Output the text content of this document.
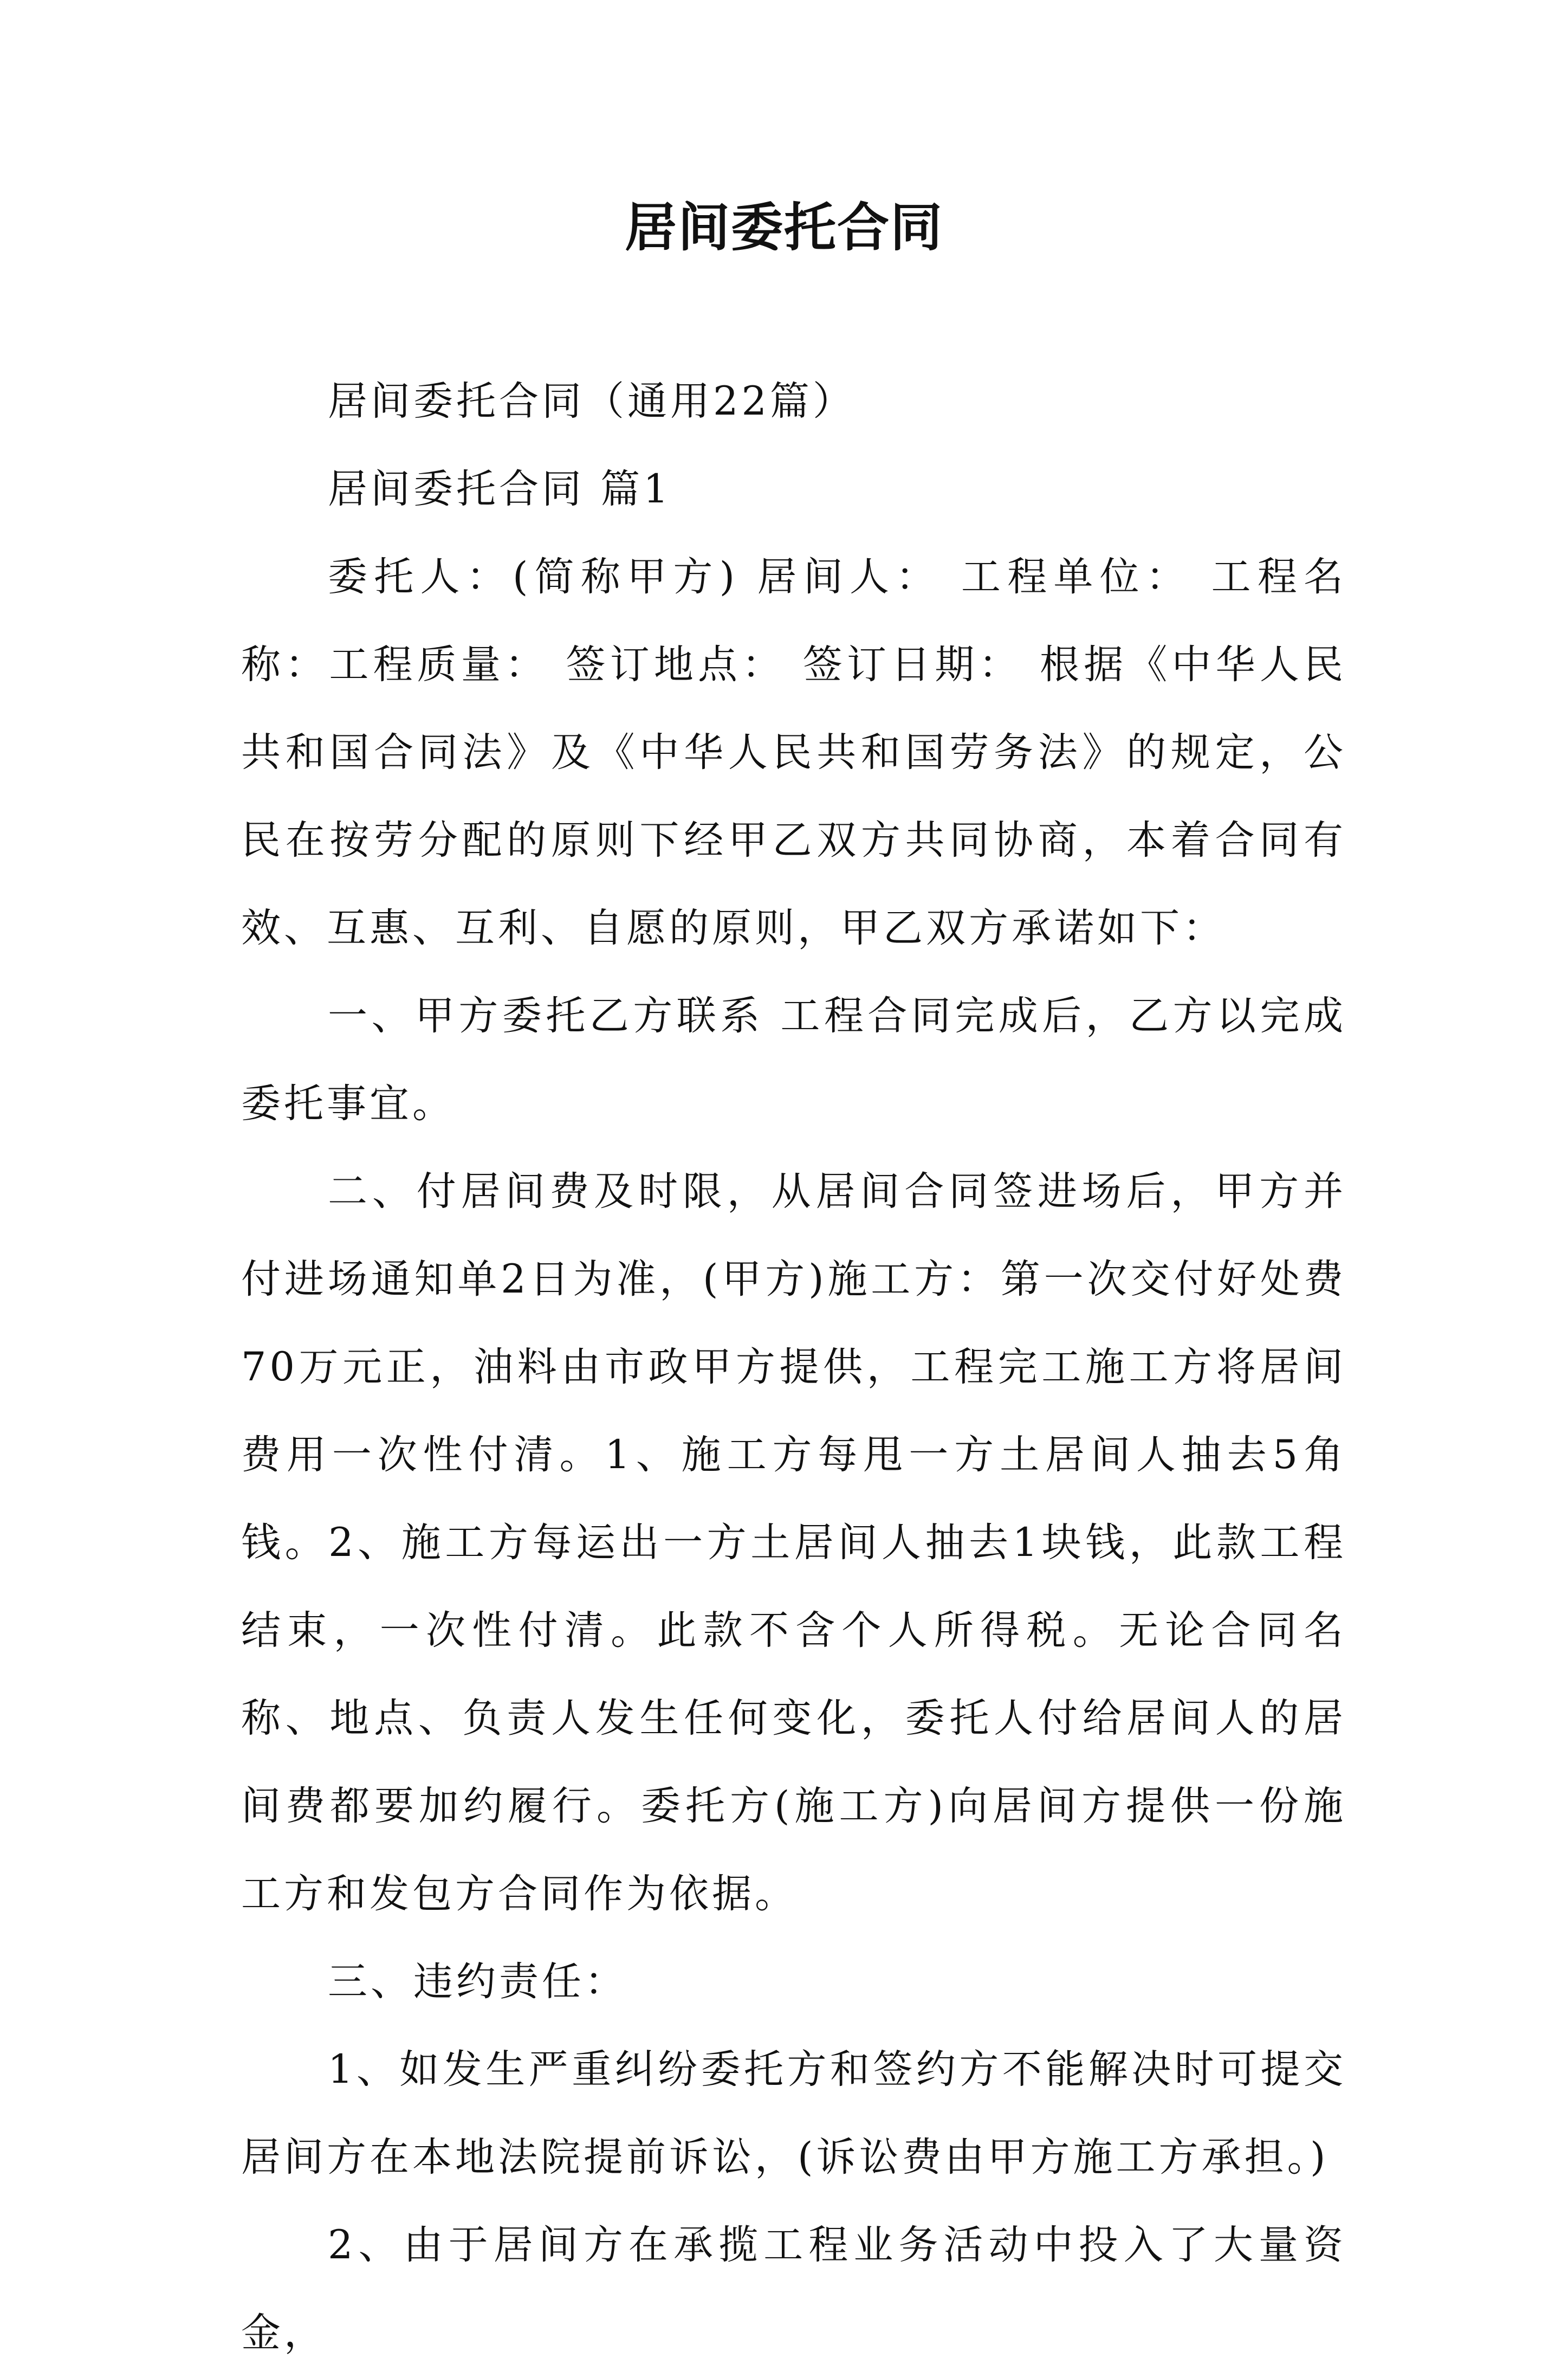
居间委托合同

居间委托合同（通用22篇）

居间委托合同 篇1

委托人：(简称甲方) 居间人： 工程单位： 工程名称：工程质量： 签订地点： 签订日期： 根据《中华人民共和国合同法》及《中华人民共和国劳务法》的规定，公民在按劳分配的原则下经甲乙双方共同协商，本着合同有效、互惠、互利、自愿的原则，甲乙双方承诺如下：

一、甲方委托乙方联系 工程合同完成后，乙方以完成委托事宜。

二、付居间费及时限，从居间合同签进场后，甲方并付进场通知单2日为准，(甲方)施工方：第一次交付好处费70万元正，油料由市政甲方提供，工程完工施工方将居间费用一次性付清。1、施工方每甩一方土居间人抽去5角钱。2、施工方每运出一方土居间人抽去1块钱，此款工程结束，一次性付清。此款不含个人所得税。无论合同名称、地点、负责人发生任何变化，委托人付给居间人的居间费都要加约履行。委托方(施工方)向居间方提供一份施工方和发包方合同作为依据。

三、违约责任：

1、如发生严重纠纷委托方和签约方不能解决时可提交居间方在本地法院提前诉讼，(诉讼费由甲方施工方承担。)

2、由于居间方在承揽工程业务活动中投入了大量资金，
